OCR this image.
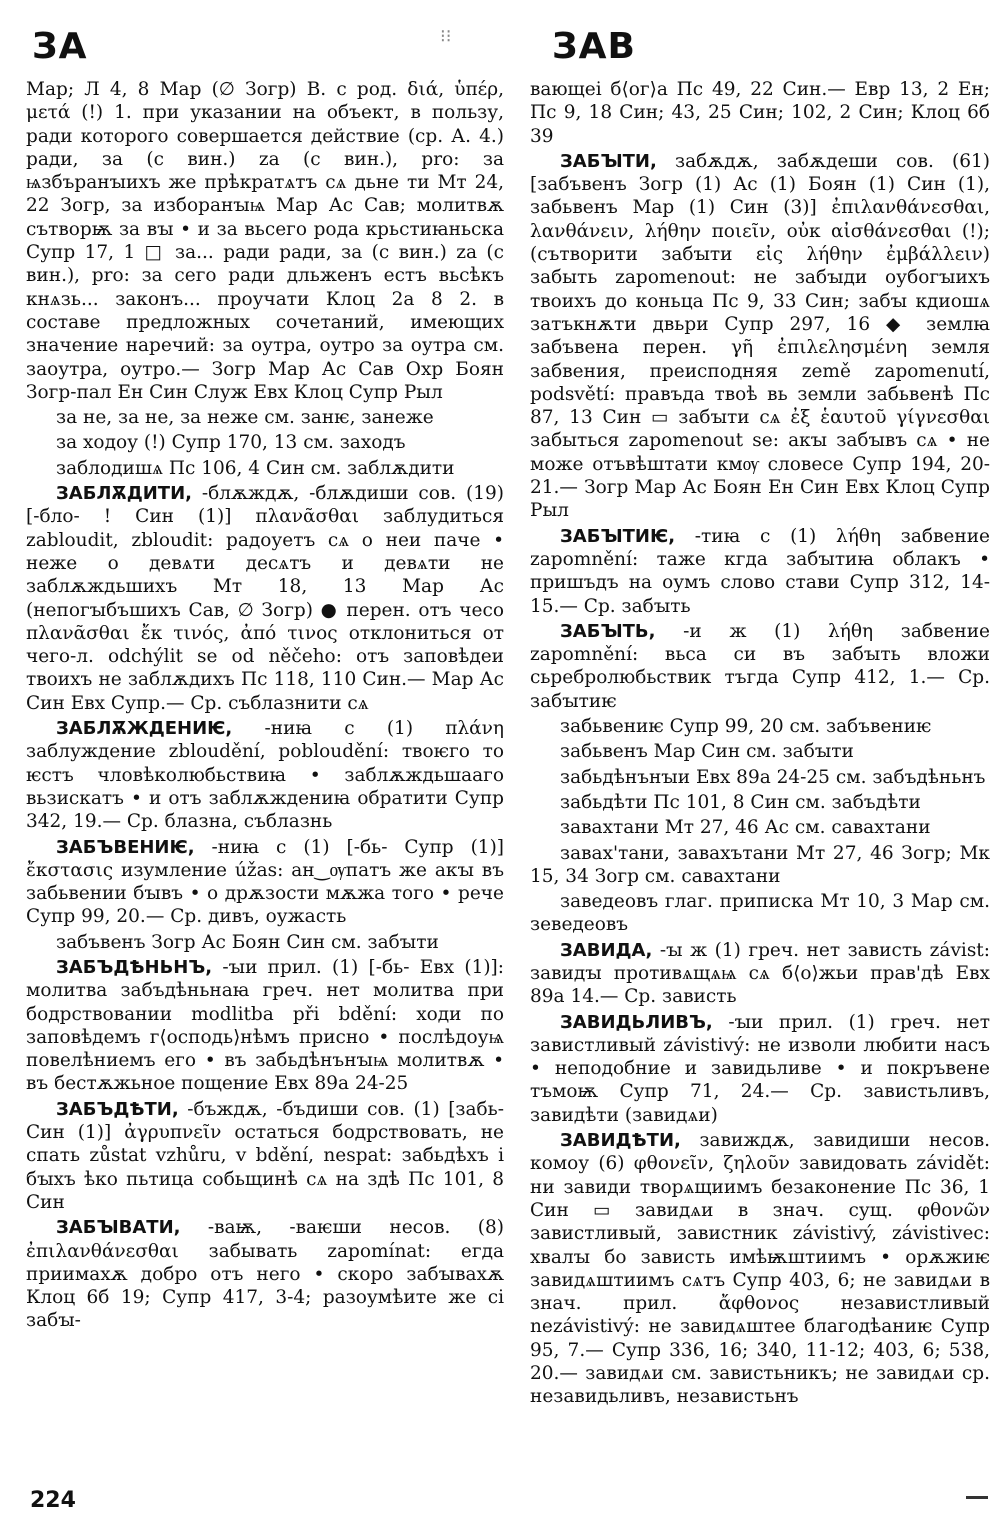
ЗА	⁝⁝	ЗАВ

Мар; Л 4, 8 Мар (∅ Зогр) В. с род. διά, ὑπέρ, μετά (!) 1. при указании на объект, в пользу, ради которого совершается действие (ср. А. 4.) ради, за (с вин.) za (с вин.), pro: за ѩзбъранꙑихъ же прѣкратѧтъ сѧ дьне ти Мт 24, 22 Зогр, за изборанꙑѩ Мар Ас Сав; молитвѫ сътворѭ за вꙑ • и за вьсего рода крьстиꙗньска Супр 17, 1 □ за... ради ради, за (с вин.) za (с вин.), pro: за сего ради дльженъ естъ вьсѣкъ кнѧзь... законъ... проучати Клоц 2а 8 2. в составе предложных сочетаний, имеющих значение наречий: за оутра, оутро за оутра см. заоутра, оутро.— Зогр Мар Ас Сав Охр Боян Зогр-пал Ен Син Служ Евх Клоц Супр Рыл

за не, за не, за неже см. занѥ, занеже

за ходоу (!) Супр 170, 13 см. заходъ

заблодишѧ Пс 106, 4 Син см. заблѫдити

ЗАБЛѪДИТИ, -блѫждѫ, -блѫдиши сов. (19) [-бло- ! Син (1)] πλανᾶσθαι заблудиться zabloudit, zbloudit: радоуетъ сѧ о неи паче • неже о девѧти десѧтъ и девѧти не заблѫждьшихъ Мт 18, 13 Мар Ас (непогꙑбъшихъ Сав, ∅ Зогр) ● перен. отъ чесо πλανᾶσθαι ἔκ τινός, ἀπό τινος отклониться от чего-л. odchýlit se od něčeho: отъ заповѣдеи твоихъ не заблѫдихъ Пс 118, 110 Син.— Мар Ас Син Евх Супр.— Ср. съблазнити сѧ

ЗАБЛѪЖДЕНИѤ, -ниꙗ с (1) πλάνη заблуждение zbloudění, pobloudění: твоѥго то ѥстъ чловѣколюбьствиꙗ • заблѫждьшааго вьзискатъ • и отъ заблѫждениꙗ обратити Супр 342, 19.— Ср. блазна, съблазнь

ЗАБЪВЕНИѤ, -ниꙗ с (1) [-бь- Супр (1)] ἔκστασις изумление úžas: ан‿ѹпатъ же акꙑ въ забьвении бꙑвъ • о дрѫзости мѫжа того • рече Супр 99, 20.— Ср. дивъ, оужасть

забъвенъ Зогр Ас Боян Син см. забꙑти

ЗАБЪДѢНЬНЪ, -ꙑи прил. (1) [-бь- Евх (1)]: молитва забъдѣньнаꙗ греч. нет молитва при бодрствовании modlitba při bdění: ходи по заповѣдемъ г⟨осподь⟩нѣмъ присно • послѣдоуѩ повелѣниемъ его • въ забьдѣнънꙑѩ молитвѫ • въ бестѫжьное пощение Евх 89а 24-25

ЗАБЪДѢТИ, -бъждѫ, -бъдиши сов. (1) [забь- Син (1)] ἀγρυπνεῖν остаться бодрствовать, не спать zůstat vzhůru, v bdění, nespat: забьдѣхъ і бꙑхъ ѣко пьтица собьщинѣ сѧ на здѣ Пс 101, 8 Син

ЗАБꙐВАТИ, -ваѭ, -ваѥши несов. (8) ἐπιλανθάνεσθαι забывать zapomínat: егда приимахѫ добро отъ него • скоро забꙑвахѫ Клоц 6б 19; Супр 417, 3-4; разоумѣите же сі забꙑ-

вающеі б⟨ог⟩а Пс 49, 22 Син.— Евр 13, 2 Ен; Пс 9, 18 Син; 43, 25 Син; 102, 2 Син; Клоц 6б 39

ЗАБꙐТИ, забѫдѫ, забѫдеши сов. (61) [забъвенъ Зогр (1) Ас (1) Боян (1) Син (1), забьвенъ Мар (1) Син (3)] ἐπιλανθάνεσθαι, λανθάνειν, λήθην ποιεῖν, οὐκ αἰσθάνεσθαι (!); (сътворити забꙑти εἰς λήθην ἐμβάλλειν) забыть zapomenout: не забꙑди оубогꙑихъ твоихъ до коньца Пс 9, 33 Син; забꙑ кдиошѧ затъкнѫти двьри Супр 297, 16 ◆ землꙗ забъвена перен. γῆ ἐπιλελησμένη земля забвения, преисподняя země zapomenutí, podsvětí: правъда твоѣ вь земли забьвенѣ Пс 87, 13 Син ▭ забꙑти сѧ ἐξ ἑαυτοῦ γίγνεσθαι забыться zapomenout se: акꙑ забꙑвъ сѧ • не може отъвѣштати кмѹ словесе Супр 194, 20-21.— Зогр Мар Ас Боян Ен Син Евх Клоц Супр Рыл

ЗАБꙐТИѤ, -тиꙗ с (1) λήθη забвение zapomnění: таже кгда забꙑтиꙗ облакъ • пришъдъ на оумъ слово стави Супр 312, 14-15.— Ср. забꙑть

ЗАБꙐТЬ, -и ж (1) λήθη забвение zapomnění: вьса си въ забꙑть вложи сьребролюбьствик тъгда Супр 412, 1.— Ср. забꙑтиѥ

забьвениѥ Супр 99, 20 см. забъвениѥ

забьвенъ Мар Син см. забꙑти

забьдѣнънꙑи Евх 89а 24-25 см. забъдѣньнъ

забьдѣти Пс 101, 8 Син см. забъдѣти

завахтани Мт 27, 46 Ас см. савахтани

завах'тани, завахътани Мт 27, 46 Зогр; Мк 15, 34 Зогр см. савахтани

заведеовъ глаг. приписка Мт 10, 3 Мар см. зеведеовъ

ЗАВИДА, -ꙑ ж (1) греч. нет зависть závist: завидꙑ противѧщѧѩ сѧ б⟨о⟩жьи прав'дѣ Евх 89а 14.— Ср. зависть

ЗАВИДЬЛИВЪ, -ꙑи прил. (1) греч. нет завистливый závistivý: не изволи любити насъ • неподобние и завидьливе • и покръвене тъмоѭ Супр 71, 24.— Ср. завистьливъ, завидѣти (завидѧи)

ЗАВИДѢТИ, завиждѫ, завидиши несов. комоу (6) φθονεῖν, ζηλοῦν завидовать závidět: ни завиди творѧщиимъ безаконение Пс 36, 1 Син ▭ завидѧи в знач. сущ. φθονῶν завистливый, завистник závistivý, závistivec: хвалꙑ бо зависть имѣѭштиимъ • орѫжиѥ завидѧштиимъ сѧтъ Супр 403, 6; не завидѧи в знач. прил. ἄφθονος независтливый nezávistivý: не завидѧштее благодѣаниѥ Супр 95, 7.— Супр 336, 16; 340, 11-12; 403, 6; 538, 20.— завидѧи см. завистьникъ; не завидѧи ср. незавидьливъ, независтьнъ

224
